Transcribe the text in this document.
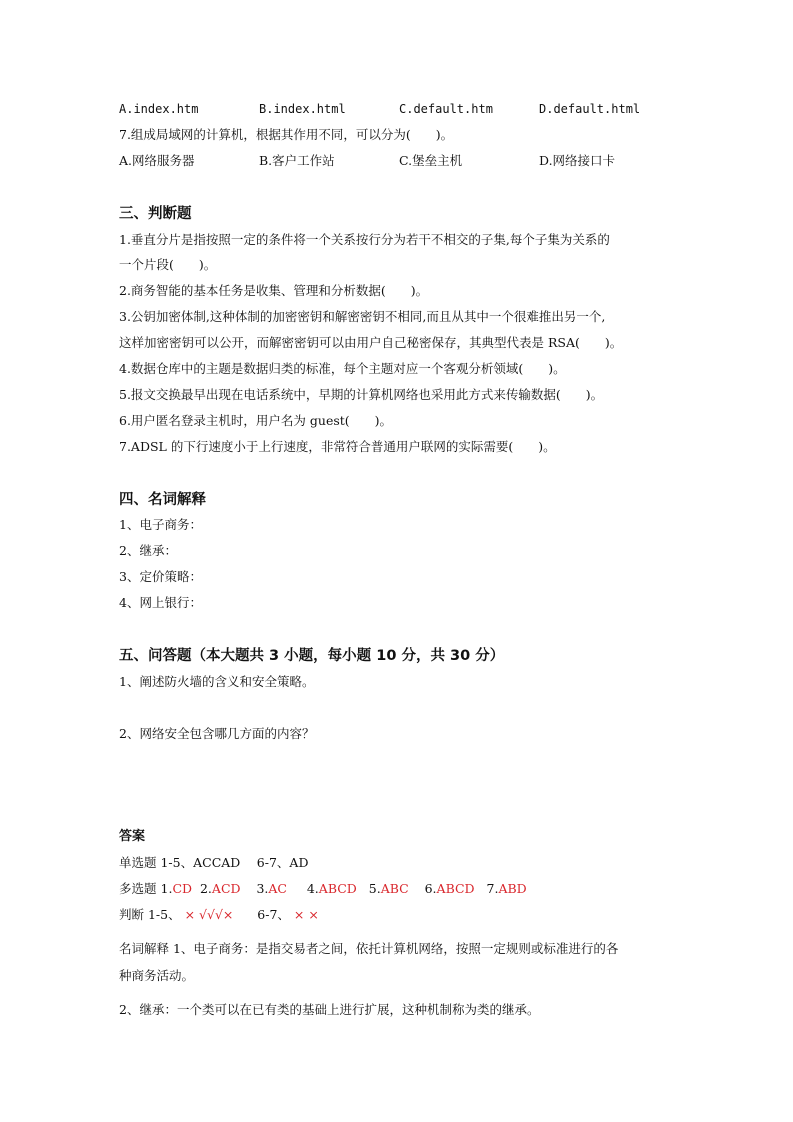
A.index.htm	B.index.html	C.default.htm	D.default.html
7.组成局域网的计算机，根据其作用不同，可以分为(　　)。
A.网络服务器	B.客户工作站	C.堡垒主机	D.网络接口卡
三、判断题
1.垂直分片是指按照一定的条件将一个关系按行分为若干不相交的子集,每个子集为关系的
一个片段(　　)。
2.商务智能的基本任务是收集、管理和分析数据(　　)。
3.公钥加密体制,这种体制的加密密钥和解密密钥不相同,而且从其中一个很难推出另一个,
这样加密密钥可以公开，而解密密钥可以由用户自己秘密保存，其典型代表是 RSA(　　)。
4.数据仓库中的主题是数据归类的标准，每个主题对应一个客观分析领域(　　)。
5.报文交换最早出现在电话系统中，早期的计算机网络也采用此方式来传输数据(　　)。
6.用户匿名登录主机时，用户名为 guest(　　)。
7.ADSL 的下行速度小于上行速度，非常符合普通用户联网的实际需要(　　)。
四、名词解释
1、电子商务：
2、继承：
3、定价策略：
4、网上银行：
五、问答题（本大题共 3 小题，每小题 10 分，共 30 分）
1、阐述防火墙的含义和安全策略。
2、网络安全包含哪几方面的内容？
答案
单选题 1-5、ACCAD　 6-7、AD
多选题 1.CD 2.ACD 3.AC 4.ABCD 5.ABC 6.ABCD 7.ABD
判断 1-5、 × √√√× 6-7、 × ×
名词解释 1、电子商务：是指交易者之间，依托计算机网络，按照一定规则或标准进行的各
种商务活动。
2、继承：一个类可以在已有类的基础上进行扩展，这种机制称为类的继承。
